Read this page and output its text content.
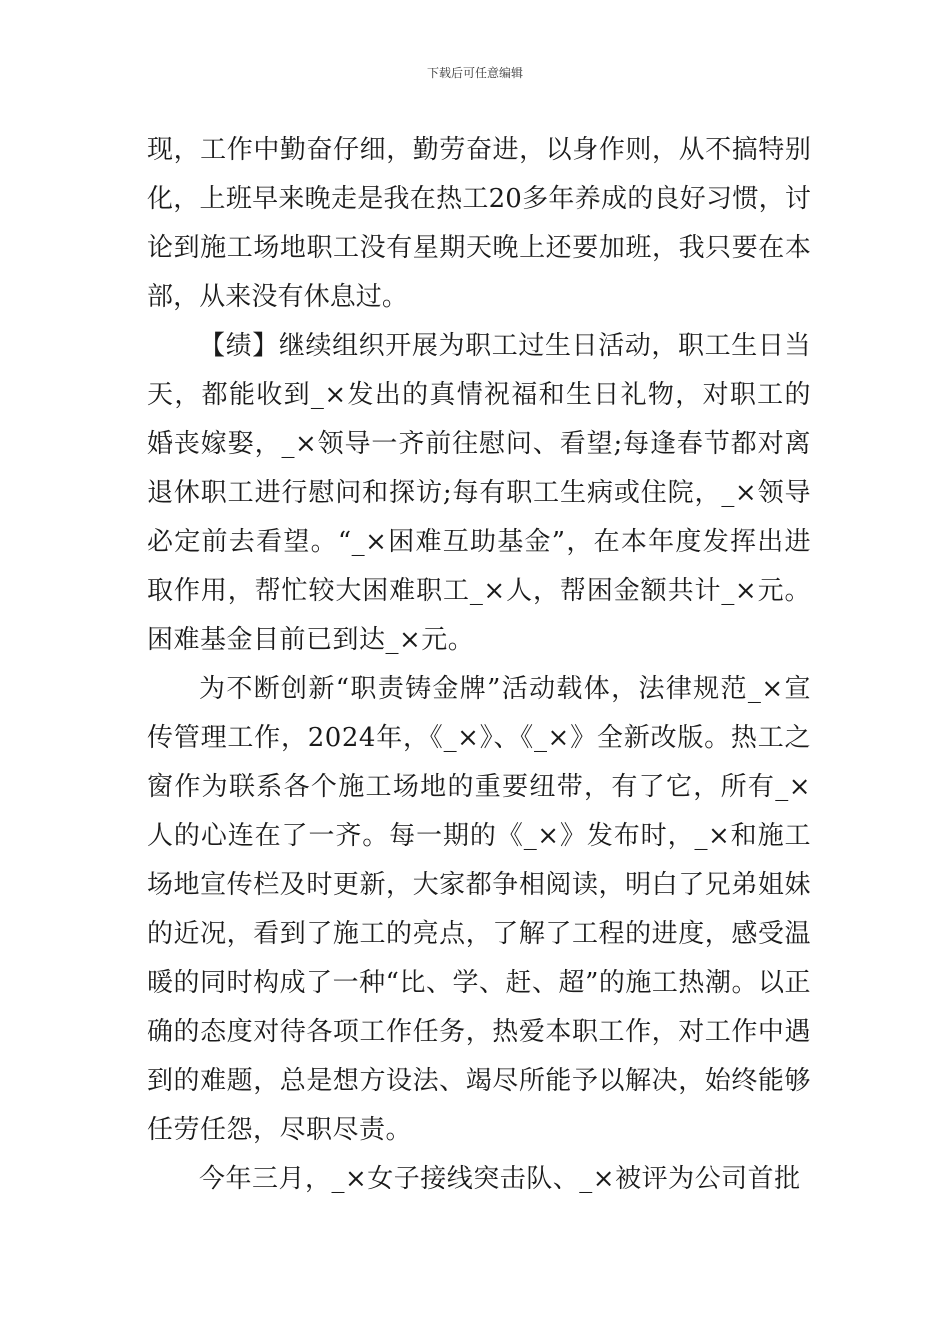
下载后可任意编辑

现，工作中勤奋仔细，勤劳奋进，以身作则，从不搞特别化，上班早来晚走是我在热工20多年养成的良好习惯，讨论到施工场地职工没有星期天晚上还要加班，我只要在本部，从来没有休息过。

【绩】继续组织开展为职工过生日活动，职工生日当天，都能收到_×发出的真情祝福和生日礼物，对职工的婚丧嫁娶，_×领导一齐前往慰问、看望;每逢春节都对离退休职工进行慰问和探访;每有职工生病或住院，_×领导必定前去看望。“_×困难互助基金”，在本年度发挥出进取作用，帮忙较大困难职工_×人，帮困金额共计_×元。困难基金目前已到达_×元。

为不断创新“职责铸金牌”活动载体，法律规范_×宣传管理工作，2024年，《_×》、《_×》全新改版。热工之窗作为联系各个施工场地的重要纽带，有了它，所有_×人的心连在了一齐。每一期的《_×》发布时，_×和施工场地宣传栏及时更新，大家都争相阅读，明白了兄弟姐妹的近况，看到了施工的亮点，了解了工程的进度，感受温暖的同时构成了一种“比、学、赶、超”的施工热潮。以正确的态度对待各项工作任务，热爱本职工作，对工作中遇到的难题，总是想方设法、竭尽所能予以解决，始终能够任劳任怨，尽职尽责。

今年三月，_×女子接线突击队、_×被评为公司首批
